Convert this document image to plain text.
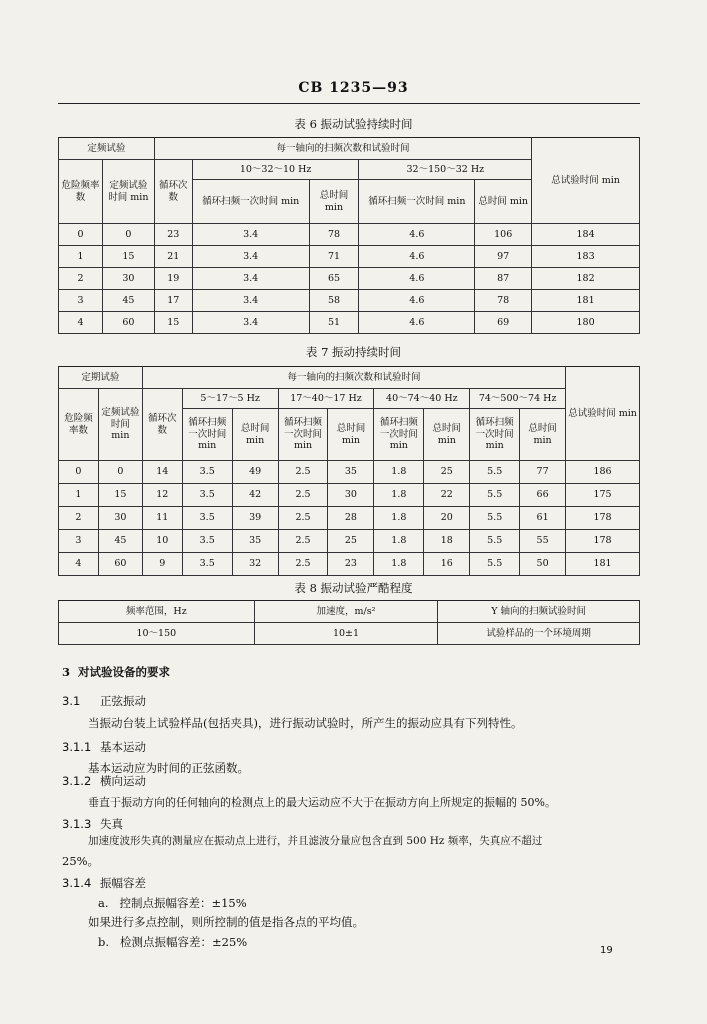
CB 1235—93
表 6 振动试验持续时间
定频试验		每一轴向的扫频次数和试验时间					总试验时间 min
危险频率数	定频试验时间 min	循环次数	10～32～10 Hz		32～150～32 Hz		
			循环扫频一次时间 min	总时间 min	循环扫频一次时间 min	总时间 min	
0	0	23	3.4	78	4.6	106	184
1	15	21	3.4	71	4.6	97	183
2	30	19	3.4	65	4.6	87	182
3	45	17	3.4	58	4.6	78	181
4	60	15	3.4	51	4.6	69	180
表 7 振动持续时间
定期试验		每一轴向的扫频次数和试验时间									总试验时间 min
危险频率数	定频试验时间 min	循环次数	5～17～5 Hz		17～40～17 Hz		40～74～40 Hz		74～500～74 Hz		
			循环扫频一次时间 min	总时间 min	循环扫频一次时间 min	总时间 min	循环扫频一次时间 min	总时间 min	循环扫频一次时间 min	总时间 min	
0	0	14	3.5	49	2.5	35	1.8	25	5.5	77	186
1	15	12	3.5	42	2.5	30	1.8	22	5.5	66	175
2	30	11	3.5	39	2.5	28	1.8	20	5.5	61	178
3	45	10	3.5	35	2.5	25	1.8	18	5.5	55	178
4	60	9	3.5	32	2.5	23	1.8	16	5.5	50	181
表 8 振动试验严酷程度
频率范围，Hz	加速度，m/s²	Y 轴向的扫频试验时间
10～150	10±1	试验样品的一个环境周期
3 对试验设备的要求
3.1 正弦振动
当振动台装上试验样品(包括夹具)，进行振动试验时，所产生的振动应具有下列特性。
3.1.1 基本运动
基本运动应为时间的正弦函数。
3.1.2 横向运动
垂直于振动方向的任何轴向的检测点上的最大运动应不大于在振动方向上所规定的振幅的 50%。
3.1.3 失真
加速度波形失真的测量应在振动点上进行，并且滤波分量应包含直到 500 Hz 频率，失真应不超过
25%。
3.1.4 振幅容差
a. 控制点振幅容差：±15%
如果进行多点控制，则所控制的值是指各点的平均值。
b. 检测点振幅容差：±25%
19
